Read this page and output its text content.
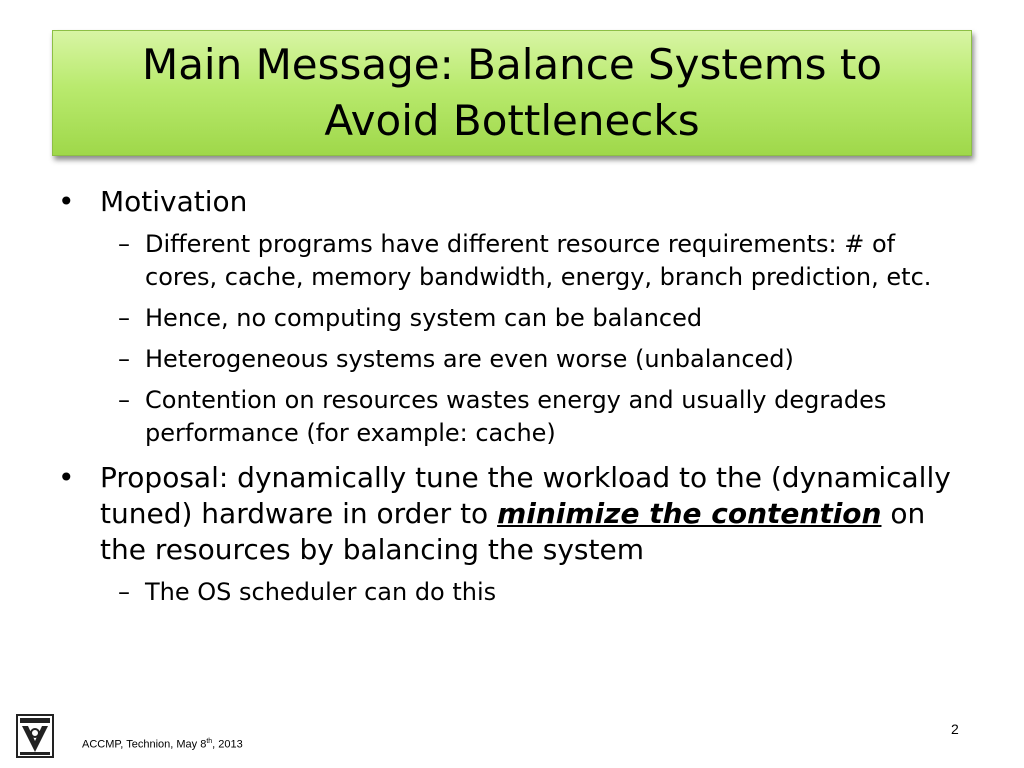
Main Message: Balance Systems to
Avoid Bottlenecks
• Motivation
– Different programs have different resource requirements: # of cores, cache, memory bandwidth, energy, branch prediction, etc.
– Hence, no computing system can be balanced
– Heterogeneous systems are even worse (unbalanced)
– Contention on resources wastes energy and usually degrades performance (for example: cache)
• Proposal: dynamically tune the workload to the (dynamically tuned) hardware in order to minimize the contention on the resources by balancing the system
– The OS scheduler can do this
ACCMP, Technion, May 8th, 2013
2
